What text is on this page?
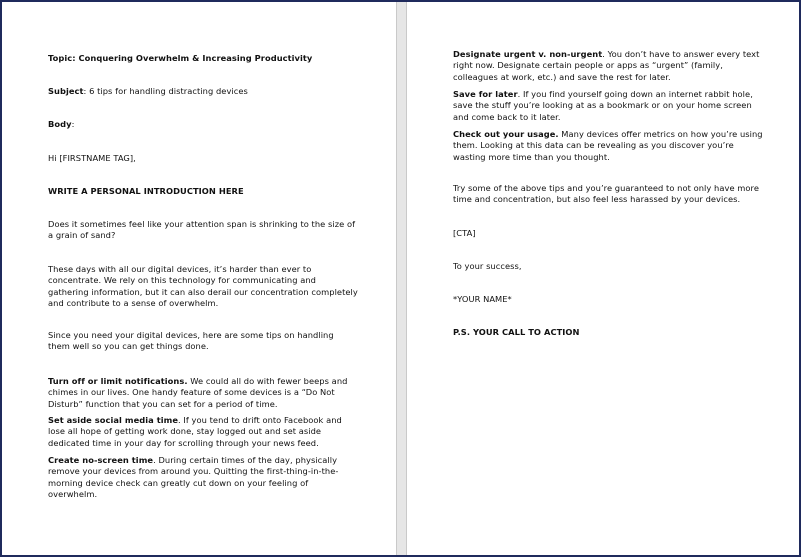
Topic: Conquering Overwhelm & Increasing Productivity

Subject: 6 tips for handling distracting devices

Body:

Hi [FIRSTNAME TAG],

WRITE A PERSONAL INTRODUCTION HERE

Does it sometimes feel like your attention span is shrinking to the size of a grain of sand?

These days with all our digital devices, it’s harder than ever to concentrate. We rely on this technology for communicating and gathering information, but it can also derail our concentration completely and contribute to a sense of overwhelm.

Since you need your digital devices, here are some tips on handling them well so you can get things done.

Turn off or limit notifications. We could all do with fewer beeps and chimes in our lives. One handy feature of some devices is a “Do Not Disturb” function that you can set for a period of time.

Set aside social media time. If you tend to drift onto Facebook and lose all hope of getting work done, stay logged out and set aside dedicated time in your day for scrolling through your news feed.

Create no-screen time. During certain times of the day, physically remove your devices from around you. Quitting the first-thing-in-the-morning device check can greatly cut down on your feeling of overwhelm.

Designate urgent v. non-urgent. You don’t have to answer every text right now. Designate certain people or apps as “urgent” (family, colleagues at work, etc.) and save the rest for later.

Save for later. If you find yourself going down an internet rabbit hole, save the stuff you’re looking at as a bookmark or on your home screen and come back to it later.

Check out your usage. Many devices offer metrics on how you’re using them. Looking at this data can be revealing as you discover you’re wasting more time than you thought.

Try some of the above tips and you’re guaranteed to not only have more time and concentration, but also feel less harassed by your devices.

[CTA]

To your success,

*YOUR NAME*

P.S. YOUR CALL TO ACTION
